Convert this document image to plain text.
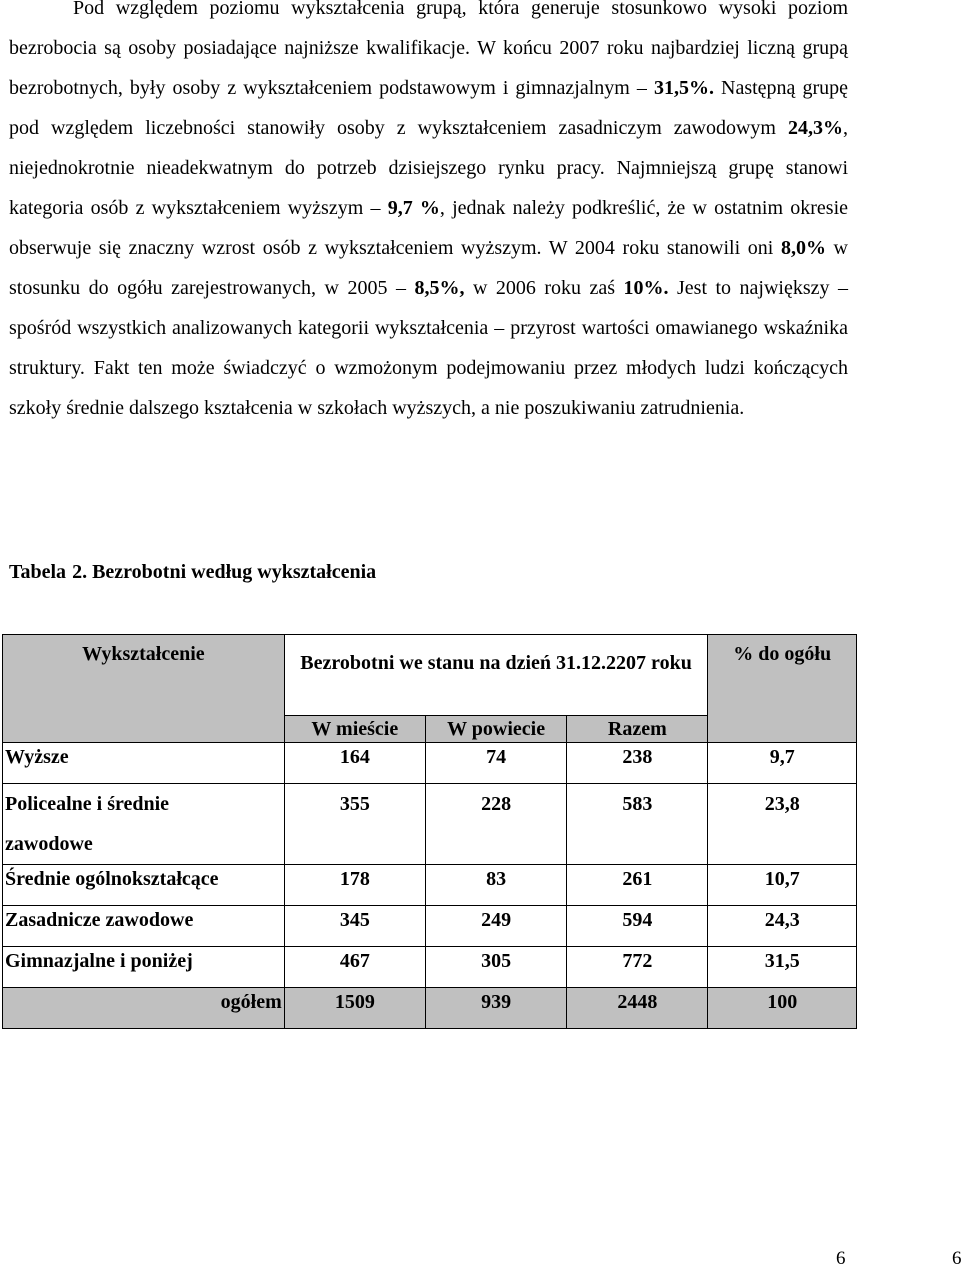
Pod względem poziomu wykształcenia grupą, która generuje stosunkowo wysoki poziom bezrobocia są osoby posiadające najniższe kwalifikacje. W końcu 2007 roku najbardziej liczną grupą bezrobotnych, były osoby z wykształceniem podstawowym i gimnazjalnym – 31,5%. Następną grupę pod względem liczebności stanowiły osoby z wykształceniem zasadniczym zawodowym 24,3%, niejednokrotnie nieadekwatnym do potrzeb dzisiejszego rynku pracy. Najmniejszą grupę stanowi kategoria osób z wykształceniem wyższym – 9,7 %, jednak należy podkreślić, że w ostatnim okresie obserwuje się znaczny wzrost osób z wykształceniem wyższym. W 2004 roku stanowili oni 8,0% w stosunku do ogółu zarejestrowanych, w 2005 – 8,5%, w 2006 roku zaś 10%. Jest to największy – spośród wszystkich analizowanych kategorii wykształcenia – przyrost wartości omawianego wskaźnika struktury. Fakt ten może świadczyć o wzmożonym podejmowaniu przez młodych ludzi kończących szkoły średnie dalszego kształcenia w szkołach wyższych, a nie poszukiwaniu zatrudnienia.

Tabela 2. Bezrobotni według wykształcenia

Wykształcenie	Bezrobotni we stanu na dzień 31.12.2207 roku			% do ogółu
	W mieście	W powiecie	Razem	
Wyższe	164	74	238	9,7
Policealne i średnie zawodowe	355	228	583	23,8
Średnie ogólnokształcące	178	83	261	10,7
Zasadnicze zawodowe	345	249	594	24,3
Gimnazjalne i poniżej	467	305	772	31,5
ogółem	1509	939	2448	100

6	6
